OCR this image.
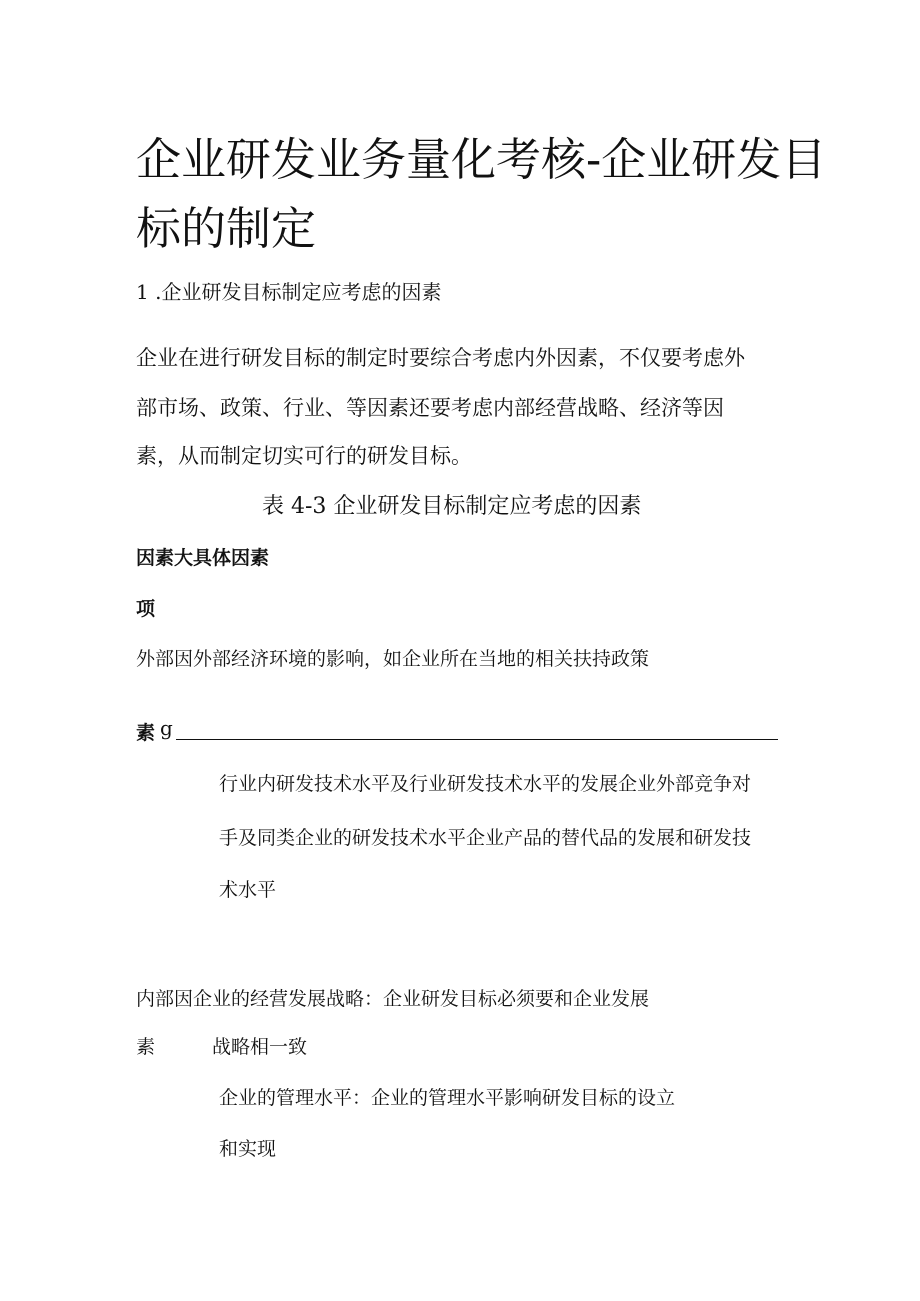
企业研发业务量化考核-企业研发目
标的制定
1 .企业研发目标制定应考虑的因素
企业在进行研发目标的制定时要综合考虑内外因素，不仅要考虑外
部市场、政策、行业、等因素还要考虑内部经营战略、经济等因
素，从而制定切实可行的研发目标。
表 4-3 企业研发目标制定应考虑的因素
因素大具体因素
项
外部因外部经济环境的影响，如企业所在当地的相关扶持政策
素 g
行业内研发技术水平及行业研发技术水平的发展企业外部竞争对
手及同类企业的研发技术水平企业产品的替代品的发展和研发技
术水平
内部因企业的经营发展战略：企业研发目标必须要和企业发展
素	战略相一致
企业的管理水平：企业的管理水平影响研发目标的设立
和实现
